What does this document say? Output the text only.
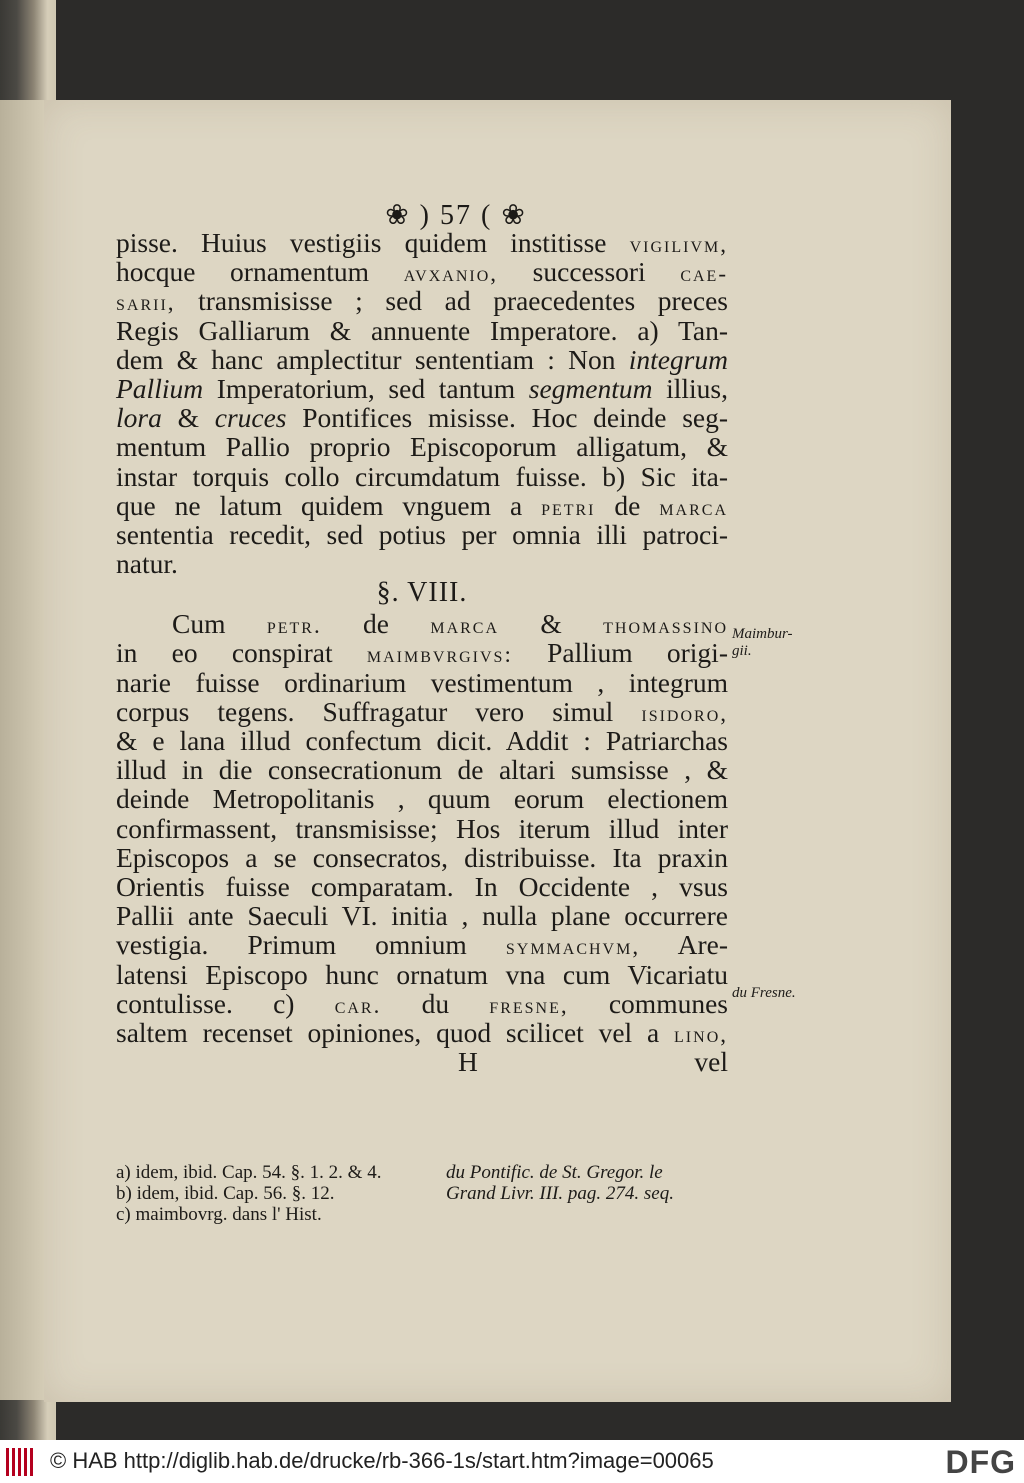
❀ ) 57 ( ❀
pisse. Huius vestigiis quidem institisse vigilivm,
hocque ornamentum avxanio, successori cae-
sarii, transmisisse ; sed ad praecedentes preces
Regis Galliarum & annuente Imperatore. a) Tan-
dem & hanc amplectitur sententiam : Non integrum
Pallium Imperatorium, sed tantum segmentum illius,
lora & cruces Pontifices misisse. Hoc deinde seg-
mentum Pallio proprio Episcoporum alligatum, &
instar torquis collo circumdatum fuisse. b) Sic ita-
que ne latum quidem vnguem a petri de marca
sententia recedit, sed potius per omnia illi patroci-
natur.
§. VIII.
Cum petr. de marca & thomassino
in eo conspirat maimbvrgivs: Pallium origi-
narie fuisse ordinarium vestimentum , integrum
corpus tegens. Suffragatur vero simul isidoro,
& e lana illud confectum dicit. Addit : Patriarchas
illud in die consecrationum de altari sumsisse , &
deinde Metropolitanis , quum eorum electionem
confirmassent, transmisisse; Hos iterum illud inter
Episcopos a se consecratos, distribuisse. Ita praxin
Orientis fuisse comparatam. In Occidente , vsus
Pallii ante Saeculi VI. initia , nulla plane occurrere
vestigia. Primum omnium symmachvm, Are-
latensi Episcopo hunc ornatum vna cum Vicariatu
contulisse. c) car. du fresne, communes
saltem recenset opiniones, quod scilicet vel a lino,
H	vel
Maimbur-gii.
du Fresne.
a) idem, ibid. Cap. 54. §. 1. 2. & 4.	du Pontific. de St. Gregor. le
b) idem, ibid. Cap. 56. §. 12.	Grand Livr. III. pag. 274. seq.
c) maimbovrg. dans l' Hist.
© HAB http://diglib.hab.de/drucke/rb-366-1s/start.htm?image=00065	DFG
